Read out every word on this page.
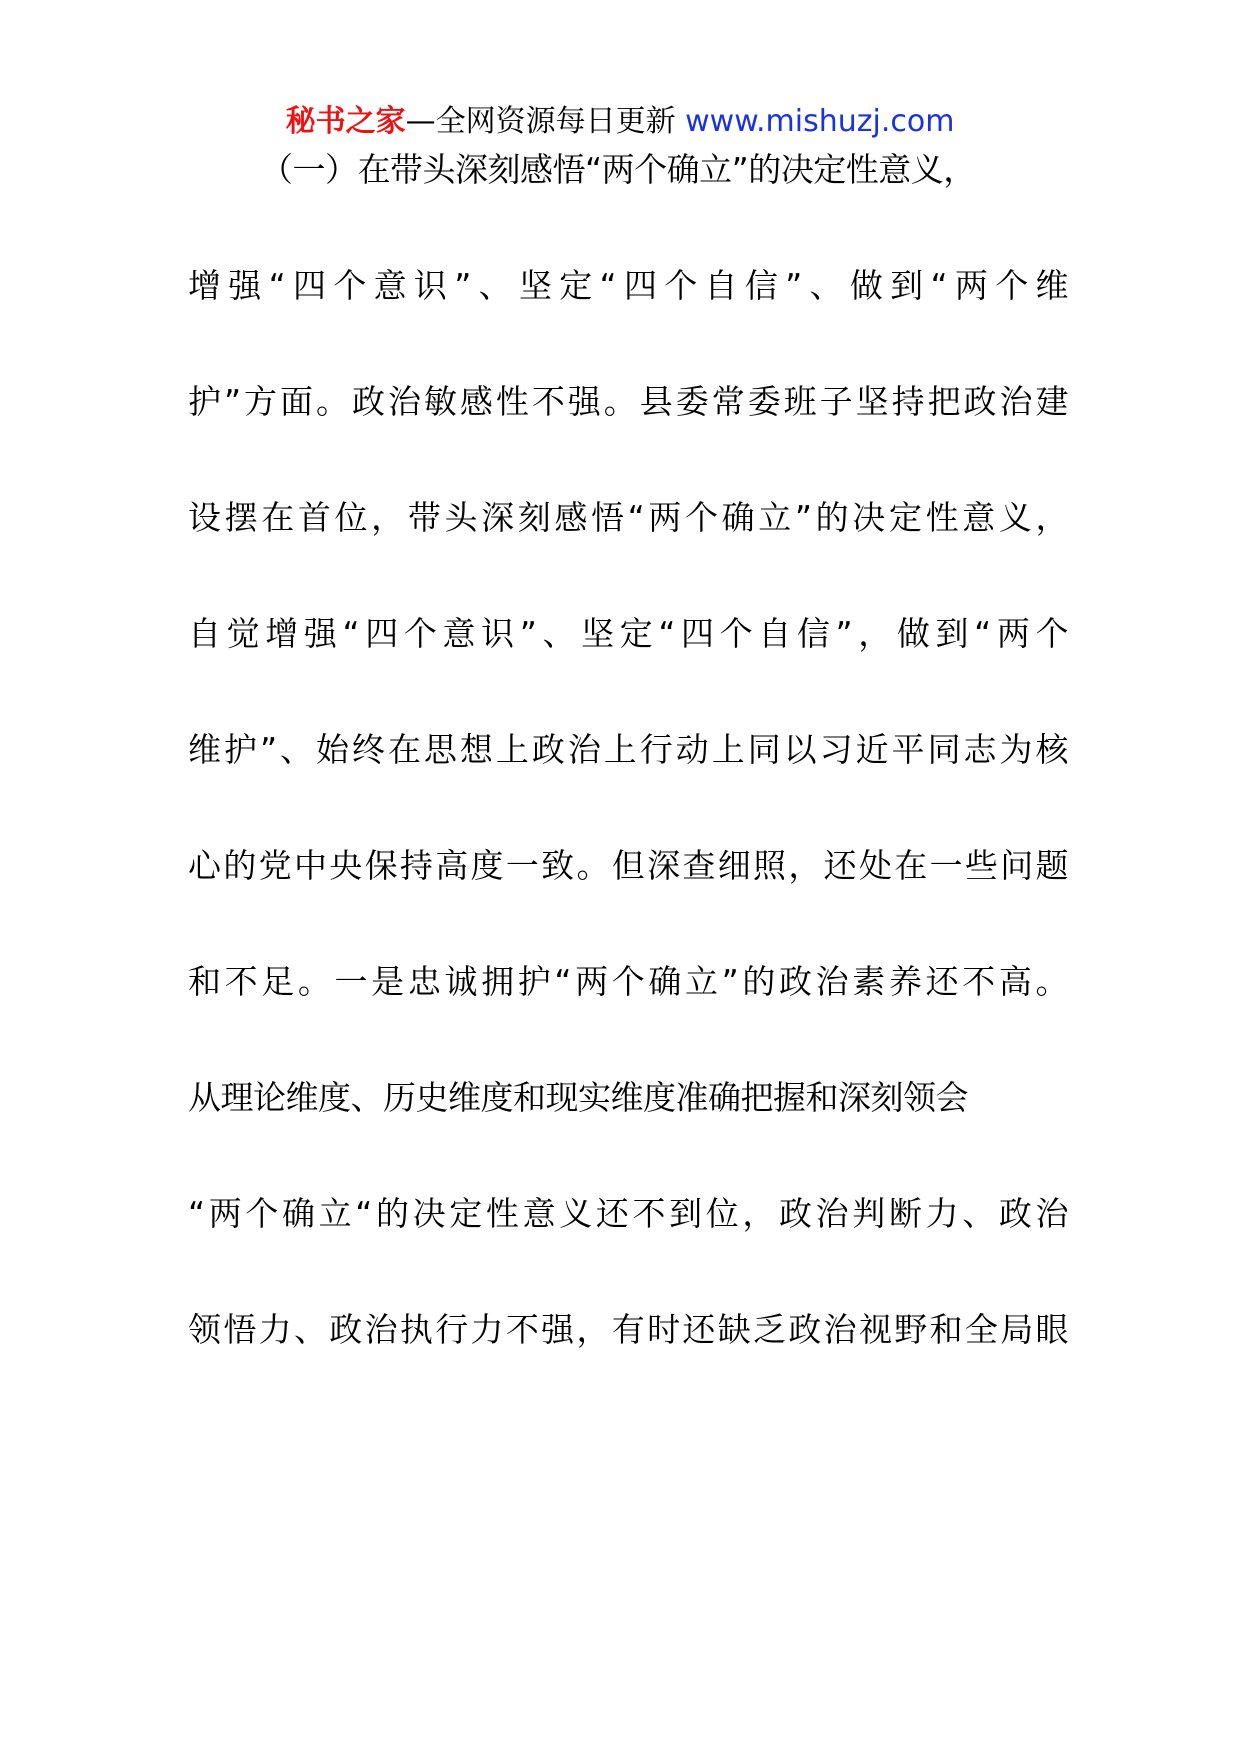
秘书之家—全网资源每日更新 www.mishuzj.com
（一）在带头深刻感悟“两个确立”的决定性意义，
增强“四个意识”、坚定“四个自信”、做到“两个维
护”方面。政治敏感性不强。县委常委班子坚持把政治建
设摆在首位，带头深刻感悟“两个确立”的决定性意义，
自觉增强“四个意识”、坚定“四个自信”，做到“两个
维护”、始终在思想上政治上行动上同以习近平同志为核
心的党中央保持高度一致。但深查细照，还处在一些问题
和不足。一是忠诚拥护“两个确立”的政治素养还不高。
从理论维度、历史维度和现实维度准确把握和深刻领会
“两个确立“的决定性意义还不到位，政治判断力、政治
领悟力、政治执行力不强，有时还缺乏政治视野和全局眼
